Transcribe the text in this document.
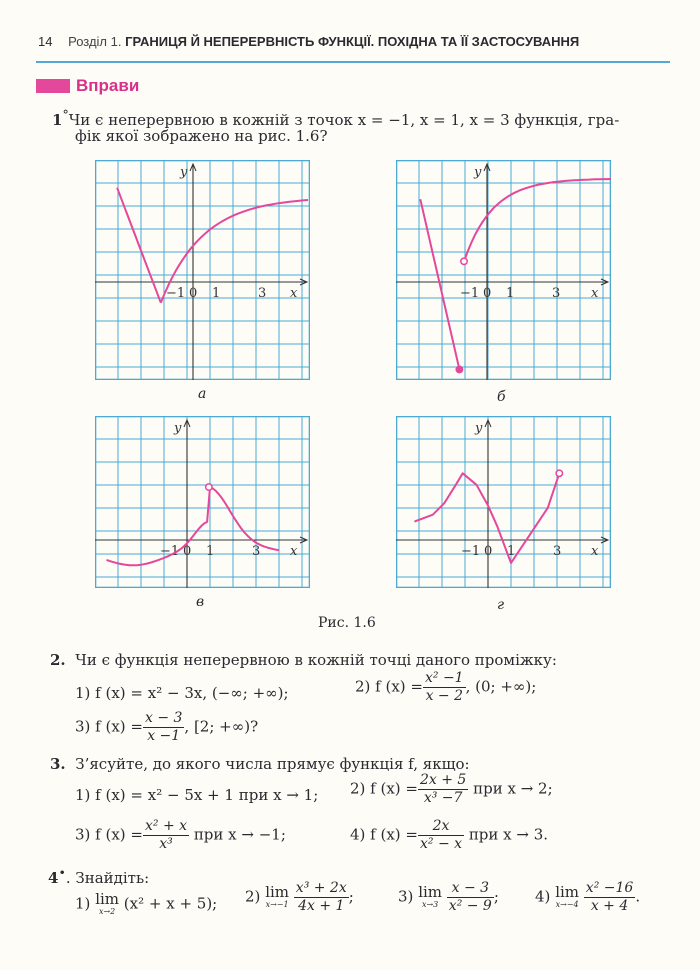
14 Розділ 1. ГРАНИЦЯ Й НЕПЕРЕРВНІСТЬ ФУНКЦІЇ. ПОХІДНА ТА ЇЇ ЗАСТОСУВАННЯ
Вправи
1°Чи є неперервною в кожній з точок x = −1, x = 1, x = 3 функція, гра-
фік якої зображено на рис. 1.6?
−1 0 1	3 x
y
а
−1 0 1	3 x
y
б
−1 0 1	3 x
y
в
−1 0 1	3 x
y
г
Рис. 1.6
2. Чи є функція неперервною в кожній точці даного проміжку:
1) f (x) = x² − 3x, (−∞; +∞);	2) f $(x) = \frac{\text{x² −1}}{x - 2}$ , (0; +∞);
3) f $(x) = \frac{x - 3}{x -1}$ , [2; +∞)?
3. З’ясуйте, до якого числа прямує функція f, якщо:
1) f (x) = x² − 5x + 1 при x → 1; 2) f $(x) = \frac{2x + 5}{\text{x³ −7}}$ при x → 2;
3) f $(x) = \frac{\text{x² + x}}{\text{x³}}$ при x → −1;	4) f $(x) = \frac{2x}{\text{x² − x}}$ при x → 3.
4•. Знайдіть:
1) lim
x→2 (x² + x + 5); 2) lim
x→−1
$\frac{\text{x³ + 2x}}{4x + 1}$ ;	3) lim
x→3
$\frac{x - 3}{\text{x² − 9}}$ ; 4) lim
x→−4
$\frac{\text{x² −16}}{x + 4}$ .
